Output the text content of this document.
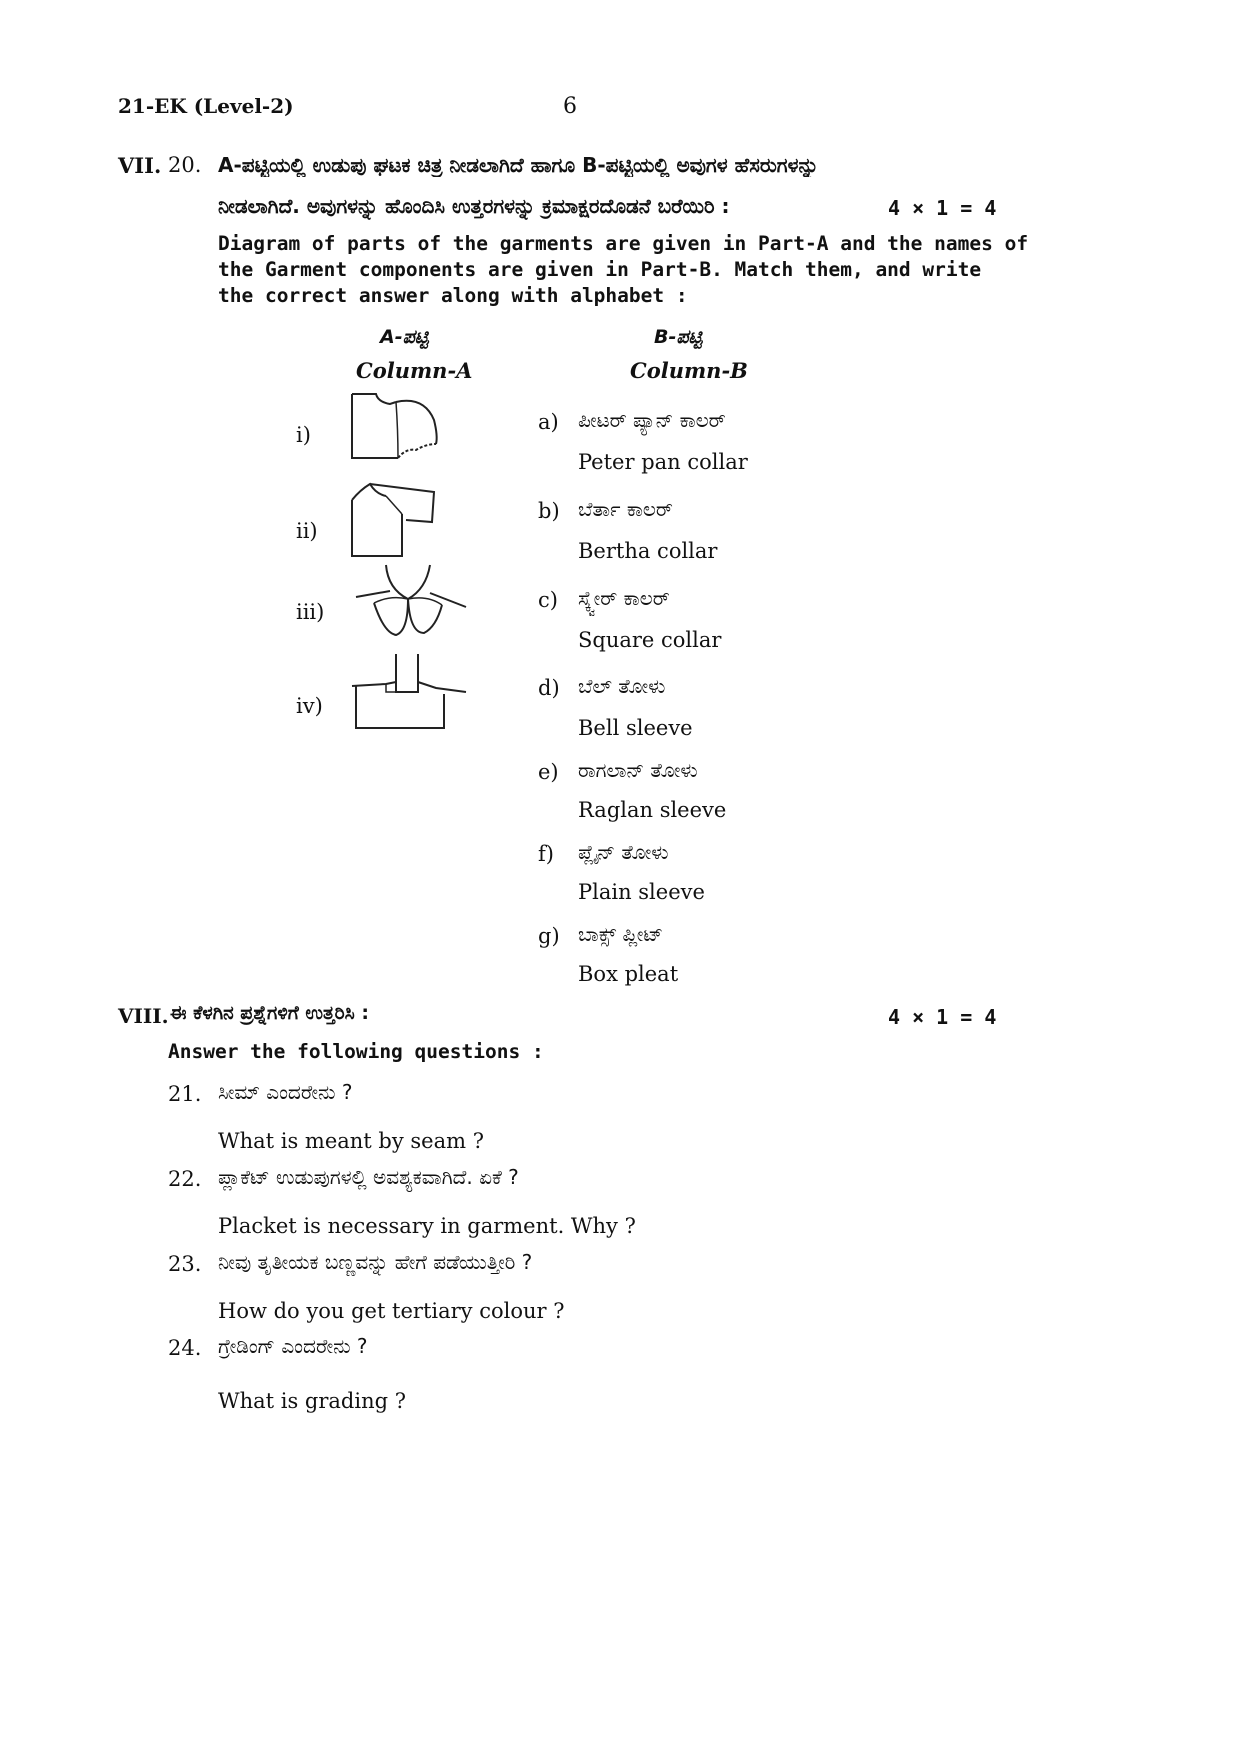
21-EK (Level-2)	6
VII. 20. A-ಪಟ್ಟಿಯಲ್ಲಿ ಉಡುಪು ಘಟಕ ಚಿತ್ರ ನೀಡಲಾಗಿದೆ ಹಾಗೂ B-ಪಟ್ಟಿಯಲ್ಲಿ ಅವುಗಳ ಹೆಸರುಗಳನ್ನು
ನೀಡಲಾಗಿದೆ. ಅವುಗಳನ್ನು ಹೊಂದಿಸಿ ಉತ್ತರಗಳನ್ನು ಕ್ರಮಾಕ್ಷರದೊಡನೆ ಬರೆಯಿರಿ :	4 × 1 = 4
Diagram of parts of the garments are given in Part-A and the names of
the Garment components are given in Part-B. Match them, and write
the correct answer along with alphabet :
A-ಪಟ್ಟಿ
Column-A
B-ಪಟ್ಟಿ
Column-B
i)
ii)
iii)
iv)
a) ಪೀಟರ್ ಪ್ಯಾನ್ ಕಾಲರ್
Peter pan collar
b) ಬೆರ್ತಾ ಕಾಲರ್
Bertha collar
c) ಸ್ಕ್ವೇರ್ ಕಾಲರ್
Square collar
d) ಬೆಲ್ ತೋಳು
Bell sleeve
e) ರಾಗಲಾನ್ ತೋಳು
Raglan sleeve
f) ಪ್ಲೈನ್ ತೋಳು
Plain sleeve
g) ಬಾಕ್ಸ್ ಪ್ಲೀಟ್
Box pleat
VIII. ಈ ಕೆಳಗಿನ ಪ್ರಶ್ನೆಗಳಿಗೆ ಉತ್ತರಿಸಿ :	4 × 1 = 4
Answer the following questions :
21. ಸೀಮ್ ಎಂದರೇನು ?
What is meant by seam ?
22. ಪ್ಲಾಕೆಟ್ ಉಡುಪುಗಳಲ್ಲಿ ಅವಶ್ಯಕವಾಗಿದೆ. ಏಕೆ ?
Placket is necessary in garment. Why ?
23. ನೀವು ತೃತೀಯಕ ಬಣ್ಣವನ್ನು ಹೇಗೆ ಪಡೆಯುತ್ತೀರಿ ?
How do you get tertiary colour ?
24. ಗ್ರೇಡಿಂಗ್ ಎಂದರೇನು ?
What is grading ?
